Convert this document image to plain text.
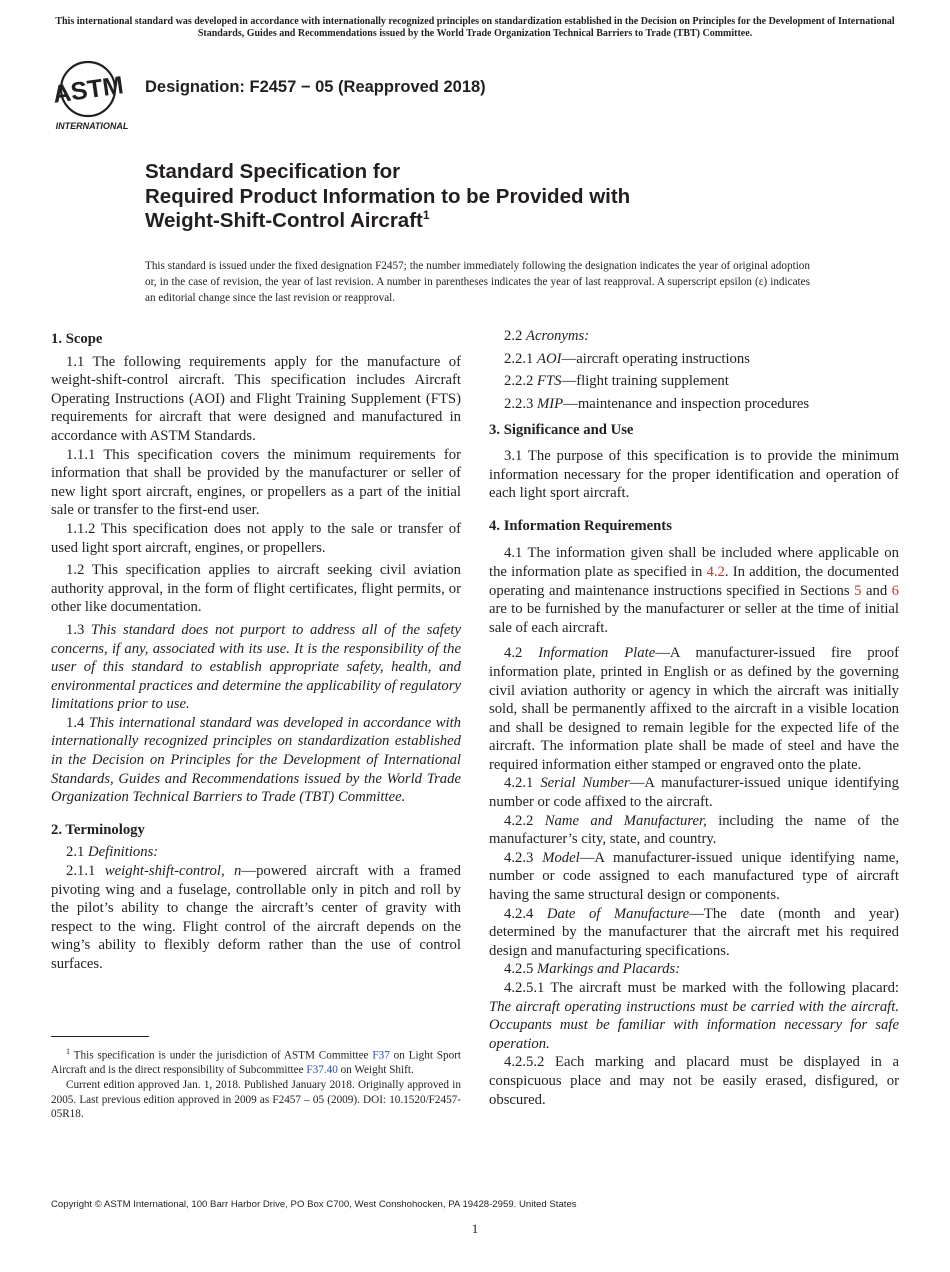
This international standard was developed in accordance with internationally recognized principles on standardization established in the Decision on Principles for the Development of International Standards, Guides and Recommendations issued by the World Trade Organization Technical Barriers to Trade (TBT) Committee.
ASTM
INTERNATIONAL
Designation: F2457 − 05 (Reapproved 2018)
Standard Specification for
Required Product Information to be Provided with
Weight-Shift-Control Aircraft$^1$
This standard is issued under the fixed designation F2457; the number immediately following the designation indicates the year of original adoption or, in the case of revision, the year of last revision. A number in parentheses indicates the year of last reapproval. A superscript epsilon (ε) indicates an editorial change since the last revision or reapproval.
1. Scope

1.1 The following requirements apply for the manufacture of weight-shift-control aircraft. This specification includes Aircraft Operating Instructions (AOI) and Flight Training Supplement (FTS) requirements for aircraft that were designed and manufactured in accordance with ASTM Standards.

1.1.1 This specification covers the minimum requirements for information that shall be provided by the manufacturer or seller of new light sport aircraft, engines, or propellers as a part of the initial sale or transfer to the first-end user.

1.1.2 This specification does not apply to the sale or transfer of used light sport aircraft, engines, or propellers.

1.2 This specification applies to aircraft seeking civil aviation authority approval, in the form of flight certificates, flight permits, or other like documentation.

1.3 This standard does not purport to address all of the safety concerns, if any, associated with its use. It is the responsibility of the user of this standard to establish appropriate safety, health, and environmental practices and determine the applicability of regulatory limitations prior to use.

1.4 This international standard was developed in accordance with internationally recognized principles on standardization established in the Decision on Principles for the Development of International Standards, Guides and Recommendations issued by the World Trade Organization Technical Barriers to Trade (TBT) Committee.

2. Terminology

2.1 Definitions:

2.1.1 weight-shift-control, n—powered aircraft with a framed pivoting wing and a fuselage, controllable only in pitch and roll by the pilot’s ability to change the aircraft’s center of gravity with respect to the wing. Flight control of the aircraft depends on the wing’s ability to flexibly deform rather than the use of control surfaces.

$^1$ This specification is under the jurisdiction of ASTM Committee F37 on Light Sport Aircraft and is the direct responsibility of Subcommittee F37.40 on Weight Shift.

Current edition approved Jan. 1, 2018. Published January 2018. Originally approved in 2005. Last previous edition approved in 2009 as F2457 – 05 (2009). DOI: 10.1520/F2457-05R18.

2.2 Acronyms:

2.2.1 AOI—aircraft operating instructions

2.2.2 FTS—flight training supplement

2.2.3 MIP—maintenance and inspection procedures

3. Significance and Use

3.1 The purpose of this specification is to provide the minimum information necessary for the proper identification and operation of each light sport aircraft.

4. Information Requirements

4.1 The information given shall be included where applicable on the information plate as specified in 4.2. In addition, the documented operating and maintenance instructions specified in Sections 5 and 6 are to be furnished by the manufacturer or seller at the time of initial sale of each aircraft.

4.2 Information Plate—A manufacturer-issued fire proof information plate, printed in English or as defined by the governing civil aviation authority or agency in which the aircraft was initially sold, shall be permanently affixed to the aircraft in a visible location and shall be designed to remain legible for the expected life of the aircraft. The information plate shall be made of steel and have the required information either stamped or engraved onto the plate.

4.2.1 Serial Number—A manufacturer-issued unique identifying number or code affixed to the aircraft.

4.2.2 Name and Manufacturer, including the name of the manufacturer’s city, state, and country.

4.2.3 Model—A manufacturer-issued unique identifying name, number or code assigned to each manufactured type of aircraft having the same structural design or components.

4.2.4 Date of Manufacture—The date (month and year) determined by the manufacturer that the aircraft met his required design and manufacturing specifications.

4.2.5 Markings and Placards:

4.2.5.1 The aircraft must be marked with the following placard: The aircraft operating instructions must be carried with the aircraft. Occupants must be familiar with information necessary for safe operation.

4.2.5.2 Each marking and placard must be displayed in a conspicuous place and may not be easily erased, disfigured, or obscured.

Copyright © ASTM International, 100 Barr Harbor Drive, PO Box C700, West Conshohocken, PA 19428-2959. United States
1
